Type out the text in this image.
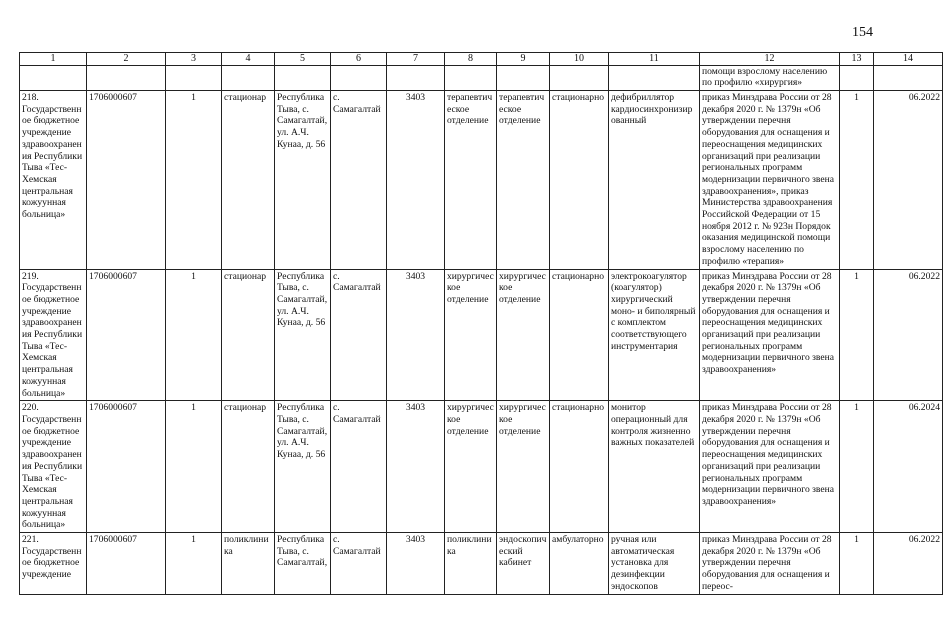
154
1	2	3	4	5	6	7	8	9	10	11	12	13	14
											помощи взрослому населению по профилю «хирургия»		
218. Государственное бюджетное учреждение здравоохранения Республики Тыва «Тес-Хемская центральная кожуунная больница»	1706000607	1	стационар	Республика Тыва, с. Самагалтай, ул. А.Ч. Кунаа, д. 56	с. Самагалтай	3403	терапевтическое отделение	терапевтическое отделение	стационарно	дефибриллятор кардиосинхронизированный	приказ Минздрава России от 28 декабря 2020 г. № 1379н «Об утверждении перечня оборудования для оснащения и переоснащения медицинских организаций при реализации региональных программ модернизации первичного звена здравоохранения», приказ Министерства здравоохранения Российской Федерации от 15 ноября 2012 г. № 923н Порядок оказания медицинской помощи взрослому населению по профилю «терапия»	1	06.2022
219. Государственное бюджетное учреждение здравоохранения Республики Тыва «Тес-Хемская центральная кожуунная больница»	1706000607	1	стационар	Республика Тыва, с. Самагалтай, ул. А.Ч. Кунаа, д. 56	с. Самагалтай	3403	хирургическое отделение	хирургическое отделение	стационарно	электрокоагулятор (коагулятор) хирургический моно- и биполярный с комплектом соответствующего инструментария	приказ Минздрава России от 28 декабря 2020 г. № 1379н «Об утверждении перечня оборудования для оснащения и переоснащения медицинских организаций при реализации региональных программ модернизации первичного звена здравоохранения»	1	06.2022
220. Государственное бюджетное учреждение здравоохранения Республики Тыва «Тес-Хемская центральная кожуунная больница»	1706000607	1	стационар	Республика Тыва, с. Самагалтай, ул. А.Ч. Кунаа, д. 56	с. Самагалтай	3403	хирургическое отделение	хирургическое отделение	стационарно	монитор операционный для контроля жизненно важных показателей	приказ Минздрава России от 28 декабря 2020 г. № 1379н «Об утверждении перечня оборудования для оснащения и переоснащения медицинских организаций при реализации региональных программ модернизации первичного звена здравоохранения»	1	06.2024
221. Государственное бюджетное учреждение	1706000607	1	поликлиника	Республика Тыва, с. Самагалтай,	с. Самагалтай	3403	поликлиника	эндоскопический кабинет	амбулаторно	ручная или автоматическая установка для дезинфекции эндоскопов	приказ Минздрава России от 28 декабря 2020 г. № 1379н «Об утверждении перечня оборудования для оснащения и переос-	1	06.2022
